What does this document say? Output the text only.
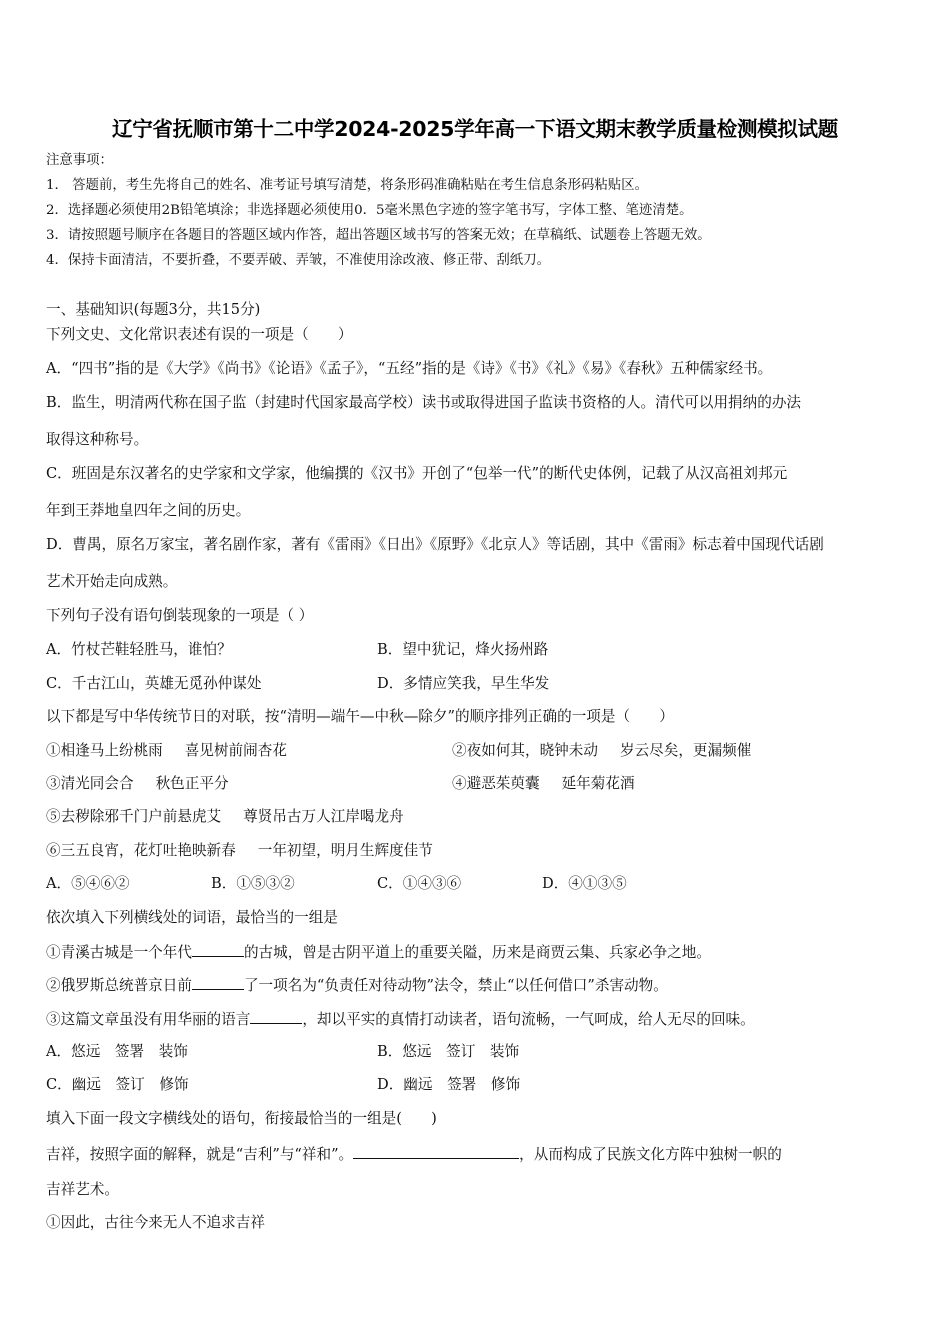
辽宁省抚顺市第十二中学2024-2025学年高一下语文期末教学质量检测模拟试题
注意事项：
1． 答题前，考生先将自己的姓名、准考证号填写清楚，将条形码准确粘贴在考生信息条形码粘贴区。
2．选择题必须使用2B铅笔填涂；非选择题必须使用0．5毫米黑色字迹的签字笔书写，字体工整、笔迹清楚。
3．请按照题号顺序在各题目的答题区域内作答，超出答题区域书写的答案无效；在草稿纸、试题卷上答题无效。
4．保持卡面清洁，不要折叠，不要弄破、弄皱，不准使用涂改液、修正带、刮纸刀。
一、基础知识(每题3分，共15分)
下列文史、文化常识表述有误的一项是（　　）
A．“四书”指的是《大学》《尚书》《论语》《孟子》，“五经”指的是《诗》《书》《礼》《易》《春秋》五种儒家经书。
B．监生，明清两代称在国子监（封建时代国家最高学校）读书或取得进国子监读书资格的人。清代可以用捐纳的办法
取得这种称号。
C．班固是东汉著名的史学家和文学家，他编撰的《汉书》开创了“包举一代”的断代史体例，记载了从汉高祖刘邦元
年到王莽地皇四年之间的历史。
D．曹禺，原名万家宝，著名剧作家，著有《雷雨》《日出》《原野》《北京人》等话剧，其中《雷雨》标志着中国现代话剧
艺术开始走向成熟。
下列句子没有语句倒装现象的一项是（ ）
A．竹杖芒鞋轻胜马，谁怕？	B．望中犹记，烽火扬州路
C．千古江山，英雄无觅孙仲谋处	D．多情应笑我，早生华发
以下都是写中华传统节日的对联，按“清明—端午—中秋—除夕”的顺序排列正确的一项是（　　）
①相逢马上纷桃雨 喜见树前闹杏花	②夜如何其，晓钟未动 岁云尽矣，更漏频催
③清光同会合 秋色正平分	④避恶茱萸囊 延年菊花酒
⑤去秽除邪千门户前悬虎艾 尊贤吊古万人江岸喝龙舟
⑥三五良宵，花灯吐艳映新春 一年初望，明月生辉度佳节
A．⑤④⑥②	B．①⑤③②	C．①④③⑥	D．④①③⑤
依次填入下列横线处的词语，最恰当的一组是
①青溪古城是一个年代	的古城，曾是古阴平道上的重要关隘，历来是商贾云集、兵家必争之地。
②俄罗斯总统普京日前	了一项名为“负责任对待动物”法令，禁止“以任何借口”杀害动物。
③这篇文章虽没有用华丽的语言	，却以平实的真情打动读者，语句流畅，一气呵成，给人无尽的回味。
A．悠远　签署　装饰	B．悠远　签订　装饰
C．幽远　签订　修饰	D．幽远　签署　修饰
填入下面一段文字横线处的语句，衔接最恰当的一组是(　　)
吉祥，按照字面的解释，就是“吉利”与“祥和”。	，从而构成了民族文化方阵中独树一帜的
吉祥艺术。
①因此，古往今来无人不追求吉祥
